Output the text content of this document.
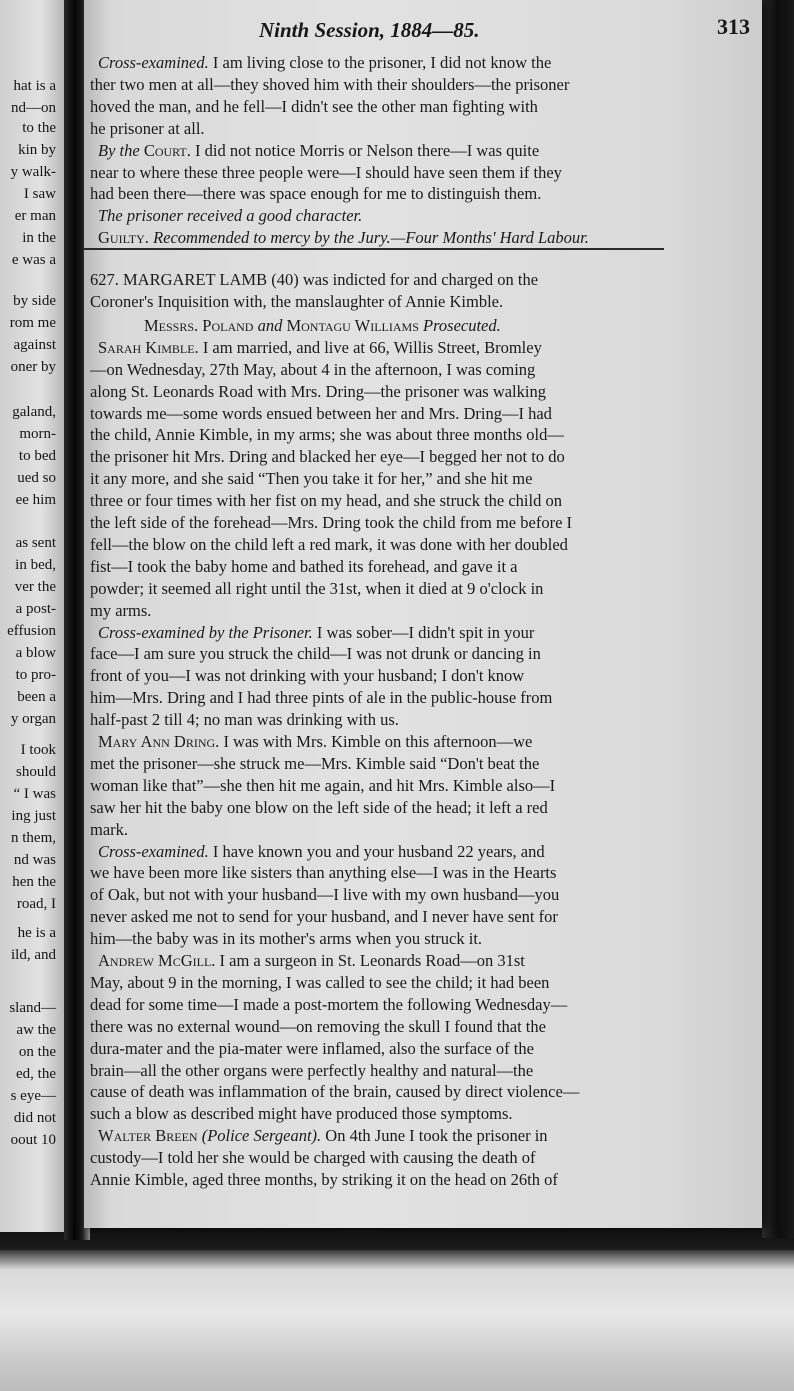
hat is a
nd—on
to the
kin by
y walk-
I saw
er man
in the
e was a
by side
rom me
against
oner by
galand,
morn-
to bed
ued so
ee him
as sent
in bed,
ver the
a post-
effusion
a blow
to pro-
been a
y organ
I took
should
“ I was
ing just
n them,
nd was
hen the
road, I
he is a
ild, and
sland—
aw the
on the
ed, the
s eye—
did not
oout 10
Ninth Session, 1884—85.	313
Cross-examined. I am living close to the prisoner, I did not know the
ther two men at all—they shoved him with their shoulders—the prisoner
hoved the man, and he fell—I didn't see the other man fighting with
he prisoner at all.
By the Court. I did not notice Morris or Nelson there—I was quite
near to where these three people were—I should have seen them if they
had been there—there was space enough for me to distinguish them.
The prisoner received a good character.
Guilty. Recommended to mercy by the Jury.—Four Months' Hard Labour.
627. MARGARET LAMB (40) was indicted for and charged on the
Coroner's Inquisition with, the manslaughter of Annie Kimble.
Messrs. Poland and Montagu Williams Prosecuted.
Sarah Kimble. I am married, and live at 66, Willis Street, Bromley
—on Wednesday, 27th May, about 4 in the afternoon, I was coming
along St. Leonards Road with Mrs. Dring—the prisoner was walking
towards me—some words ensued between her and Mrs. Dring—I had
the child, Annie Kimble, in my arms; she was about three months old—
the prisoner hit Mrs. Dring and blacked her eye—I begged her not to do
it any more, and she said “Then you take it for her,” and she hit me
three or four times with her fist on my head, and she struck the child on
the left side of the forehead—Mrs. Dring took the child from me before I
fell—the blow on the child left a red mark, it was done with her doubled
fist—I took the baby home and bathed its forehead, and gave it a
powder; it seemed all right until the 31st, when it died at 9 o'clock in
my arms.
Cross-examined by the Prisoner. I was sober—I didn't spit in your
face—I am sure you struck the child—I was not drunk or dancing in
front of you—I was not drinking with your husband; I don't know
him—Mrs. Dring and I had three pints of ale in the public-house from
half-past 2 till 4; no man was drinking with us.
Mary Ann Dring. I was with Mrs. Kimble on this afternoon—we
met the prisoner—she struck me—Mrs. Kimble said “Don't beat the
woman like that”—she then hit me again, and hit Mrs. Kimble also—I
saw her hit the baby one blow on the left side of the head; it left a red
mark.
Cross-examined. I have known you and your husband 22 years, and
we have been more like sisters than anything else—I was in the Hearts
of Oak, but not with your husband—I live with my own husband—you
never asked me not to send for your husband, and I never have sent for
him—the baby was in its mother's arms when you struck it.
Andrew McGill. I am a surgeon in St. Leonards Road—on 31st
May, about 9 in the morning, I was called to see the child; it had been
dead for some time—I made a post-mortem the following Wednesday—
there was no external wound—on removing the skull I found that the
dura-mater and the pia-mater were inflamed, also the surface of the
brain—all the other organs were perfectly healthy and natural—the
cause of death was inflammation of the brain, caused by direct violence—
such a blow as described might have produced those symptoms.
Walter Breen (Police Sergeant). On 4th June I took the prisoner in
custody—I told her she would be charged with causing the death of
Annie Kimble, aged three months, by striking it on the head on 26th of
